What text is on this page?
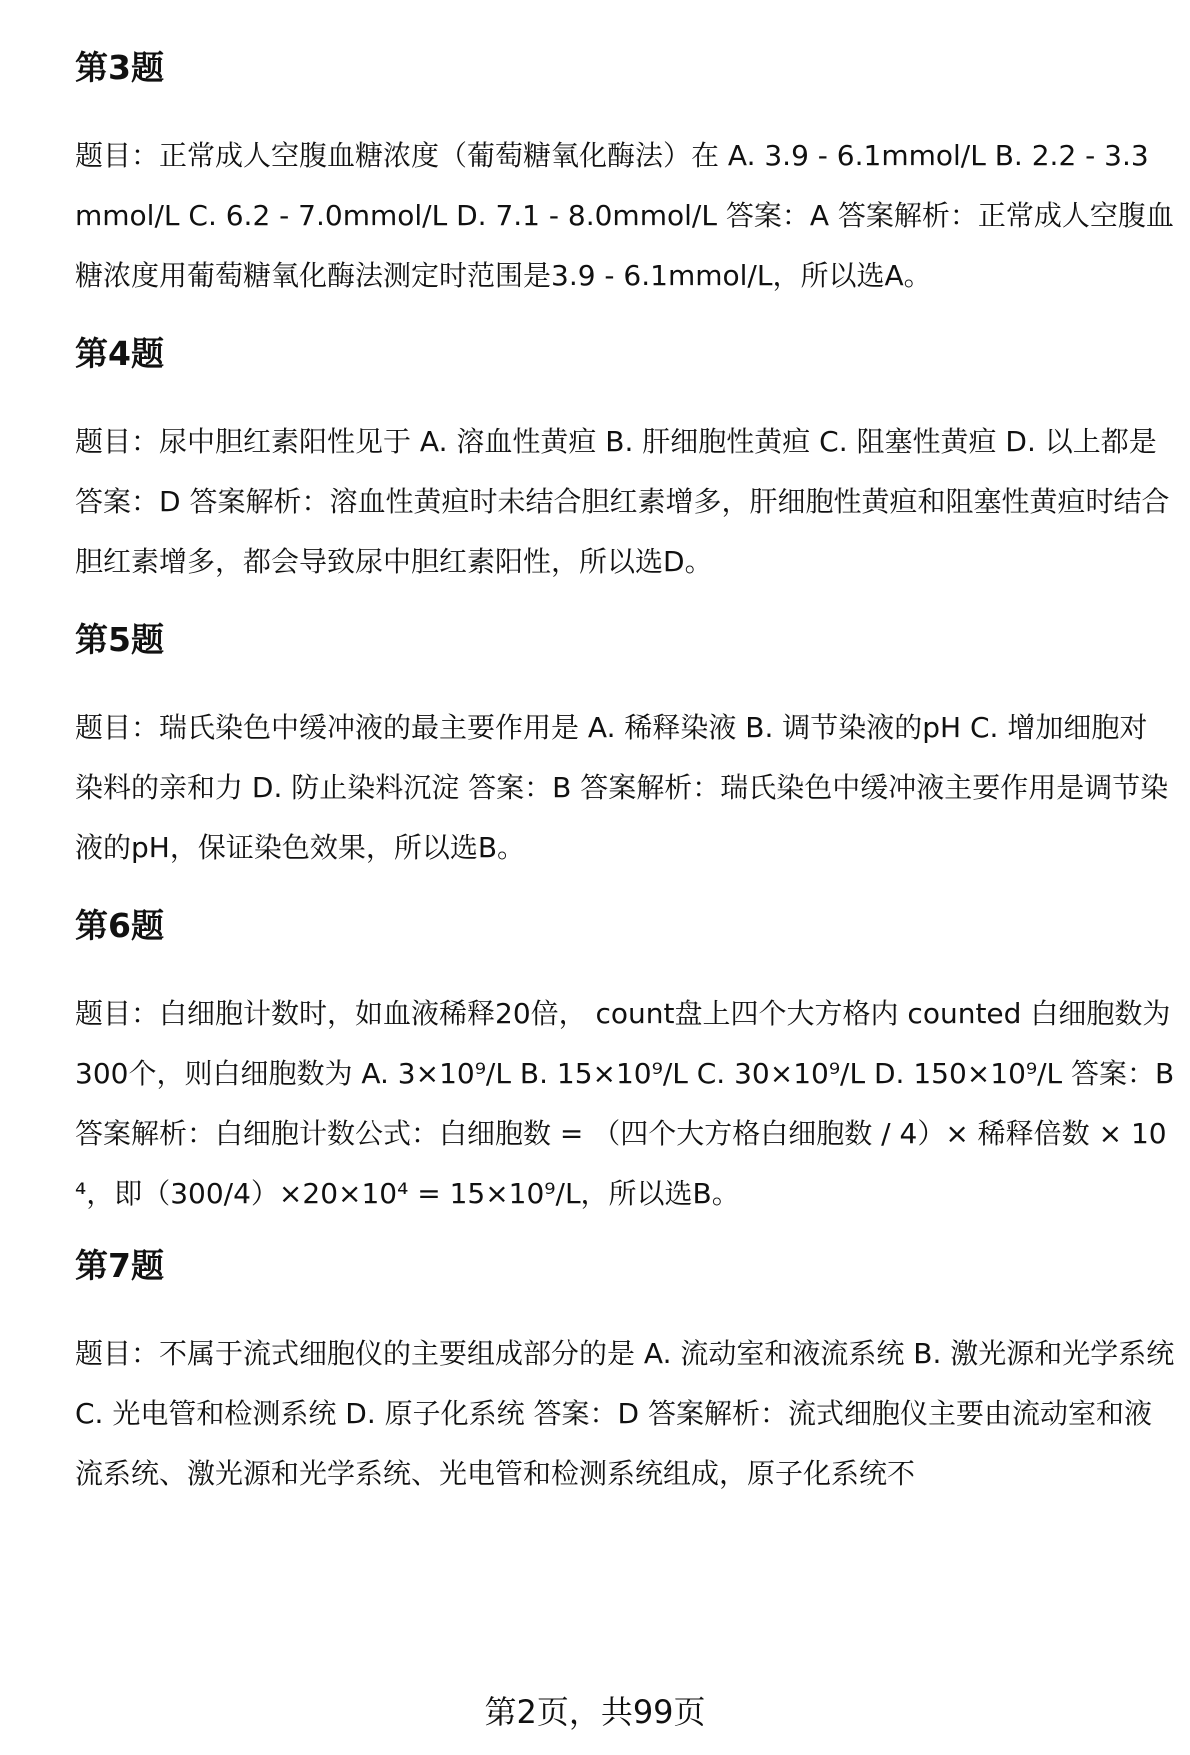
第3题

题目：正常成人空腹血糖浓度（葡萄糖氧化酶法）在 A. 3.9 - 6.1mmol/L B. 2.2 - 3.3mmol/L C. 6.2 - 7.0mmol/L D. 7.1 - 8.0mmol/L 答案：A 答案解析：正常成人空腹血糖浓度用葡萄糖氧化酶法测定时范围是3.9 - 6.1mmol/L，所以选A。

第4题

题目：尿中胆红素阳性见于 A. 溶血性黄疸 B. 肝细胞性黄疸 C. 阻塞性黄疸 D. 以上都是 答案：D 答案解析：溶血性黄疸时未结合胆红素增多，肝细胞性黄疸和阻塞性黄疸时结合胆红素增多，都会导致尿中胆红素阳性，所以选D。

第5题

题目：瑞氏染色中缓冲液的最主要作用是 A. 稀释染液 B. 调节染液的pH C. 增加细胞对染料的亲和力 D. 防止染料沉淀 答案：B 答案解析：瑞氏染色中缓冲液主要作用是调节染液的pH，保证染色效果，所以选B。

第6题

题目：白细胞计数时，如血液稀释20倍， count盘上四个大方格内 counted 白细胞数为300个，则白细胞数为 A. 3×10⁹/L B. 15×10⁹/L C. 30×10⁹/L D. 150×10⁹/L 答案：B 答案解析：白细胞计数公式：白细胞数 = （四个大方格白细胞数 / 4）× 稀释倍数 × 10⁴，即（300/4）×20×10⁴ = 15×10⁹/L，所以选B。

第7题

题目：不属于流式细胞仪的主要组成部分的是 A. 流动室和液流系统 B. 激光源和光学系统 C. 光电管和检测系统 D. 原子化系统 答案：D 答案解析：流式细胞仪主要由流动室和液流系统、激光源和光学系统、光电管和检测系统组成，原子化系统不

第2页，共99页
